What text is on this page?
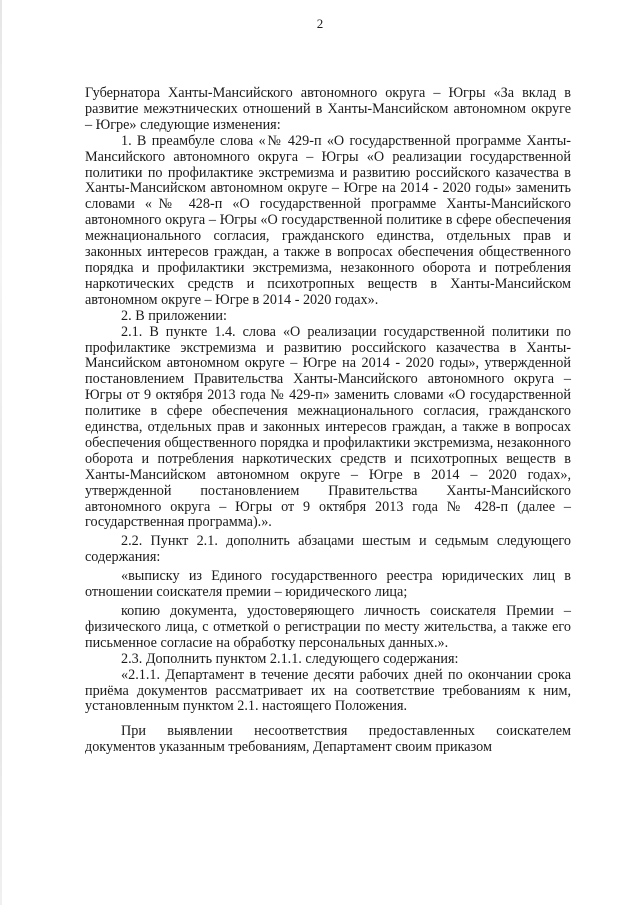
2

Губернатора Ханты-Мансийского автономного округа – Югры «За вклад в развитие межэтнических отношений в Ханты-Мансийском автономном округе – Югре» следующие изменения:

1. В преамбуле слова «№ 429-п «О государственной программе Ханты-Мансийского автономного округа – Югры «О реализации государственной политики по профилактике экстремизма и развитию российского казачества в Ханты-Мансийском автономном округе – Югре на 2014 - 2020 годы» заменить словами «№ 428-п «О государственной программе Ханты-Мансийского автономного округа – Югры «О государственной политике в сфере обеспечения межнационального согласия, гражданского единства, отдельных прав и законных интересов граждан, а также в вопросах обеспечения общественного порядка и профилактики экстремизма, незаконного оборота и потребления наркотических средств и психотропных веществ в Ханты-Мансийском автономном округе – Югре в 2014 - 2020 годах».

2. В приложении:

2.1. В пункте 1.4. слова «О реализации государственной политики по профилактике экстремизма и развитию российского казачества в Ханты-Мансийском автономном округе – Югре на 2014 - 2020 годы», утвержденной постановлением Правительства Ханты-Мансийского автономного округа – Югры от 9 октября 2013 года № 429-п» заменить словами «О государственной политике в сфере обеспечения межнационального согласия, гражданского единства, отдельных прав и законных интересов граждан, а также в вопросах обеспечения общественного порядка и профилактики экстремизма, незаконного оборота и потребления наркотических средств и психотропных веществ в Ханты-Мансийском автономном округе – Югре в 2014 – 2020 годах», утвержденной постановлением Правительства Ханты-Мансийского автономного округа – Югры от 9 октября 2013 года № 428-п (далее – государственная программа).».

2.2. Пункт 2.1. дополнить абзацами шестым и седьмым следующего содержания:

«выписку из Единого государственного реестра юридических лиц в отношении соискателя премии – юридического лица;

копию документа, удостоверяющего личность соискателя Премии – физического лица, с отметкой о регистрации по месту жительства, а также его письменное согласие на обработку персональных данных.».

2.3. Дополнить пунктом 2.1.1. следующего содержания:

«2.1.1. Департамент в течение десяти рабочих дней по окончании срока приёма документов рассматривает их на соответствие требованиям к ним, установленным пунктом 2.1. настоящего Положения.

При выявлении несоответствия предоставленных соискателем документов указанным требованиям, Департамент своим приказом
